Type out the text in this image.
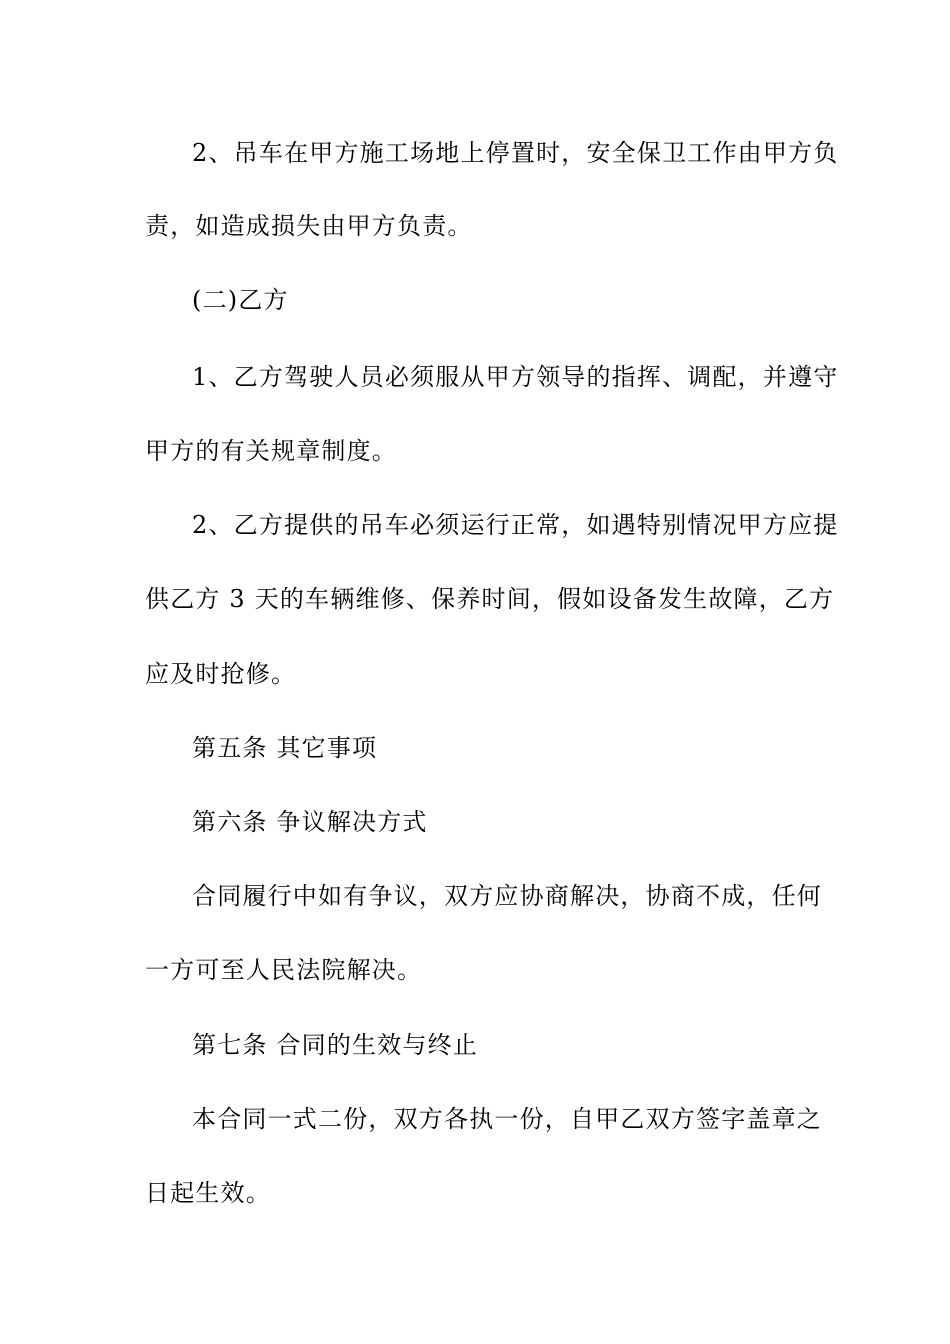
2、吊车在甲方施工场地上停置时，安全保卫工作由甲方负
责，如造成损失由甲方负责。
(二)乙方
1、乙方驾驶人员必须服从甲方领导的指挥、调配，并遵守
甲方的有关规章制度。
2、乙方提供的吊车必须运行正常，如遇特别情况甲方应提
供乙方 3 天的车辆维修、保养时间，假如设备发生故障，乙方
应及时抢修。
第五条 其它事项
第六条 争议解决方式
合同履行中如有争议，双方应协商解决，协商不成，任何
一方可至人民法院解决。
第七条 合同的生效与终止
本合同一式二份，双方各执一份，自甲乙双方签字盖章之
日起生效。
